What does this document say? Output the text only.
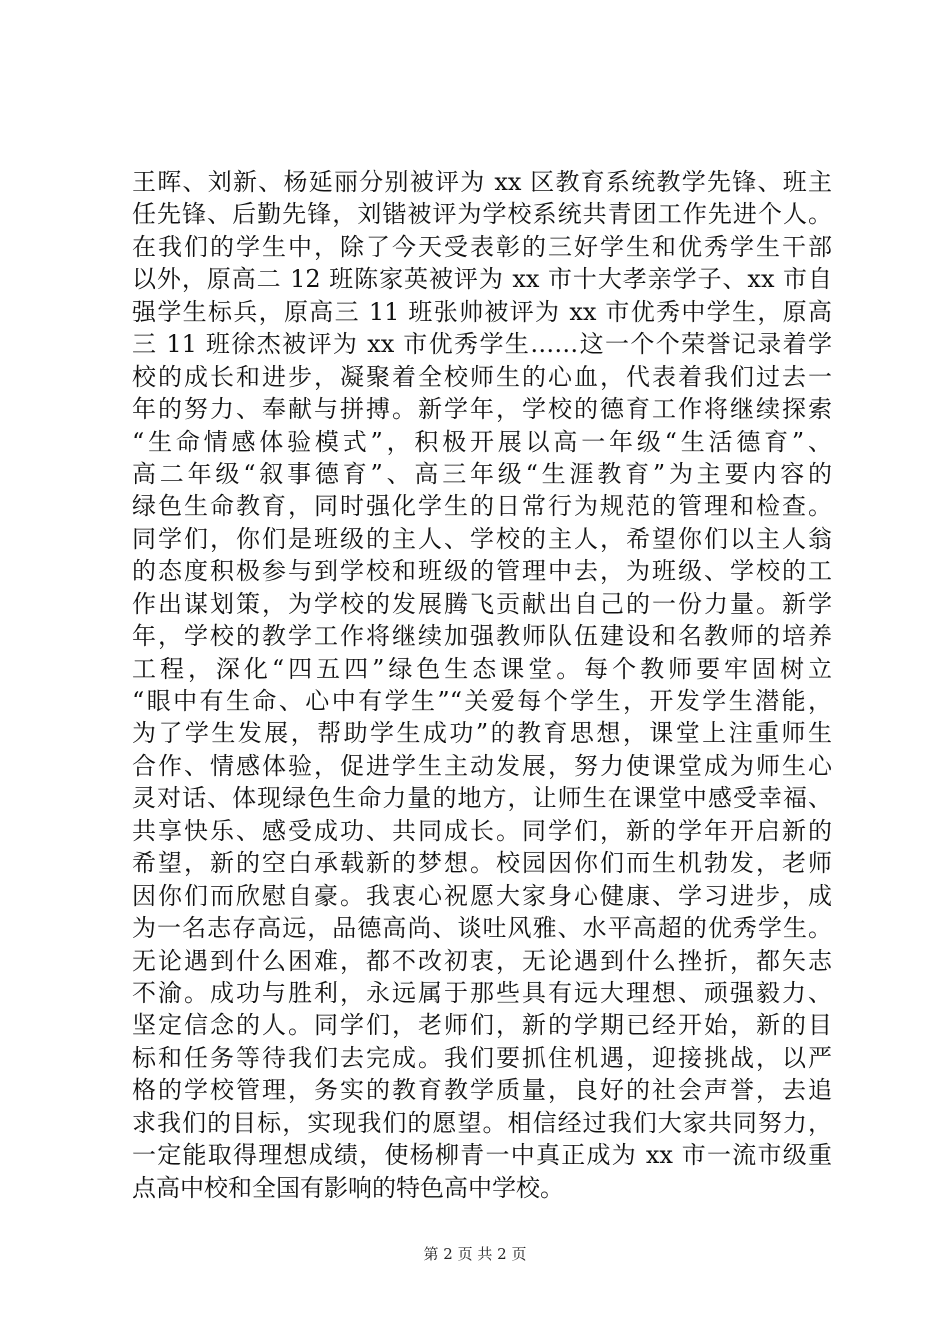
王晖、刘新、杨延丽分别被评为 xx 区教育系统教学先锋、班主
任先锋、后勤先锋，刘锴被评为学校系统共青团工作先进个人。
在我们的学生中，除了今天受表彰的三好学生和优秀学生干部
以外，原高二 12 班陈家英被评为 xx 市十大孝亲学子、xx 市自
强学生标兵，原高三 11 班张帅被评为 xx 市优秀中学生，原高
三 11 班徐杰被评为 xx 市优秀学生……这一个个荣誉记录着学
校的成长和进步，凝聚着全校师生的心血，代表着我们过去一
年的努力、奉献与拼搏。新学年，学校的德育工作将继续探索
“生命情感体验模式”，积极开展以高一年级“生活德育”、
高二年级“叙事德育”、高三年级“生涯教育”为主要内容的
绿色生命教育，同时强化学生的日常行为规范的管理和检查。
同学们，你们是班级的主人、学校的主人，希望你们以主人翁
的态度积极参与到学校和班级的管理中去，为班级、学校的工
作出谋划策，为学校的发展腾飞贡献出自己的一份力量。新学
年，学校的教学工作将继续加强教师队伍建设和名教师的培养
工程，深化“四五四”绿色生态课堂。每个教师要牢固树立
“眼中有生命、心中有学生”“关爱每个学生，开发学生潜能，
为了学生发展，帮助学生成功”的教育思想，课堂上注重师生
合作、情感体验，促进学生主动发展，努力使课堂成为师生心
灵对话、体现绿色生命力量的地方，让师生在课堂中感受幸福、
共享快乐、感受成功、共同成长。同学们，新的学年开启新的
希望，新的空白承载新的梦想。校园因你们而生机勃发，老师
因你们而欣慰自豪。我衷心祝愿大家身心健康、学习进步，成
为一名志存高远，品德高尚、谈吐风雅、水平高超的优秀学生。
无论遇到什么困难，都不改初衷，无论遇到什么挫折，都矢志
不渝。成功与胜利，永远属于那些具有远大理想、顽强毅力、
坚定信念的人。同学们，老师们，新的学期已经开始，新的目
标和任务等待我们去完成。我们要抓住机遇，迎接挑战，以严
格的学校管理，务实的教育教学质量，良好的社会声誉，去追
求我们的目标，实现我们的愿望。相信经过我们大家共同努力，
一定能取得理想成绩，使杨柳青一中真正成为 xx 市一流市级重
点高中校和全国有影响的特色高中学校。
第 2 页 共 2 页
